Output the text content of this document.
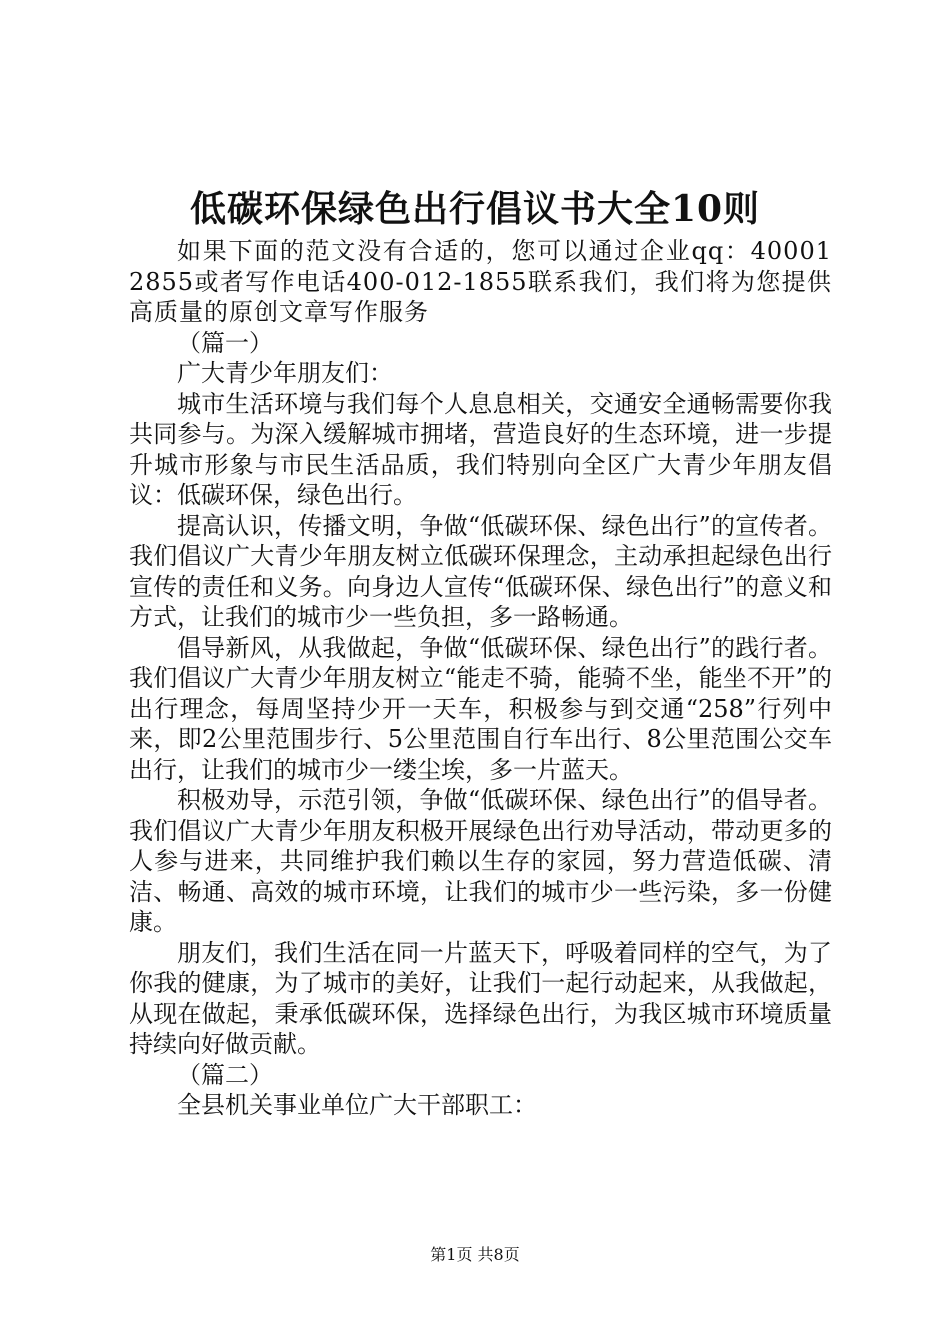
低碳环保绿色出行倡议书大全10则

如果下面的范文没有合适的，您可以通过企业qq：400012855或者写作电话400-012-1855联系我们，我们将为您提供高质量的原创文章写作服务

（篇一）

广大青少年朋友们：

城市生活环境与我们每个人息息相关，交通安全通畅需要你我共同参与。为深入缓解城市拥堵，营造良好的生态环境，进一步提升城市形象与市民生活品质，我们特别向全区广大青少年朋友倡议：低碳环保，绿色出行。

提高认识，传播文明，争做“低碳环保、绿色出行”的宣传者。我们倡议广大青少年朋友树立低碳环保理念，主动承担起绿色出行宣传的责任和义务。向身边人宣传“低碳环保、绿色出行”的意义和方式，让我们的城市少一些负担，多一路畅通。

倡导新风，从我做起，争做“低碳环保、绿色出行”的践行者。我们倡议广大青少年朋友树立“能走不骑，能骑不坐，能坐不开”的出行理念，每周坚持少开一天车，积极参与到交通“258”行列中来，即2公里范围步行、5公里范围自行车出行、8公里范围公交车出行，让我们的城市少一缕尘埃，多一片蓝天。

积极劝导，示范引领，争做“低碳环保、绿色出行”的倡导者。我们倡议广大青少年朋友积极开展绿色出行劝导活动，带动更多的人参与进来，共同维护我们赖以生存的家园，努力营造低碳、清洁、畅通、高效的城市环境，让我们的城市少一些污染，多一份健康。

朋友们，我们生活在同一片蓝天下，呼吸着同样的空气，为了你我的健康，为了城市的美好，让我们一起行动起来，从我做起，从现在做起，秉承低碳环保，选择绿色出行，为我区城市环境质量持续向好做贡献。

（篇二）

全县机关事业单位广大干部职工：

第1页 共8页
